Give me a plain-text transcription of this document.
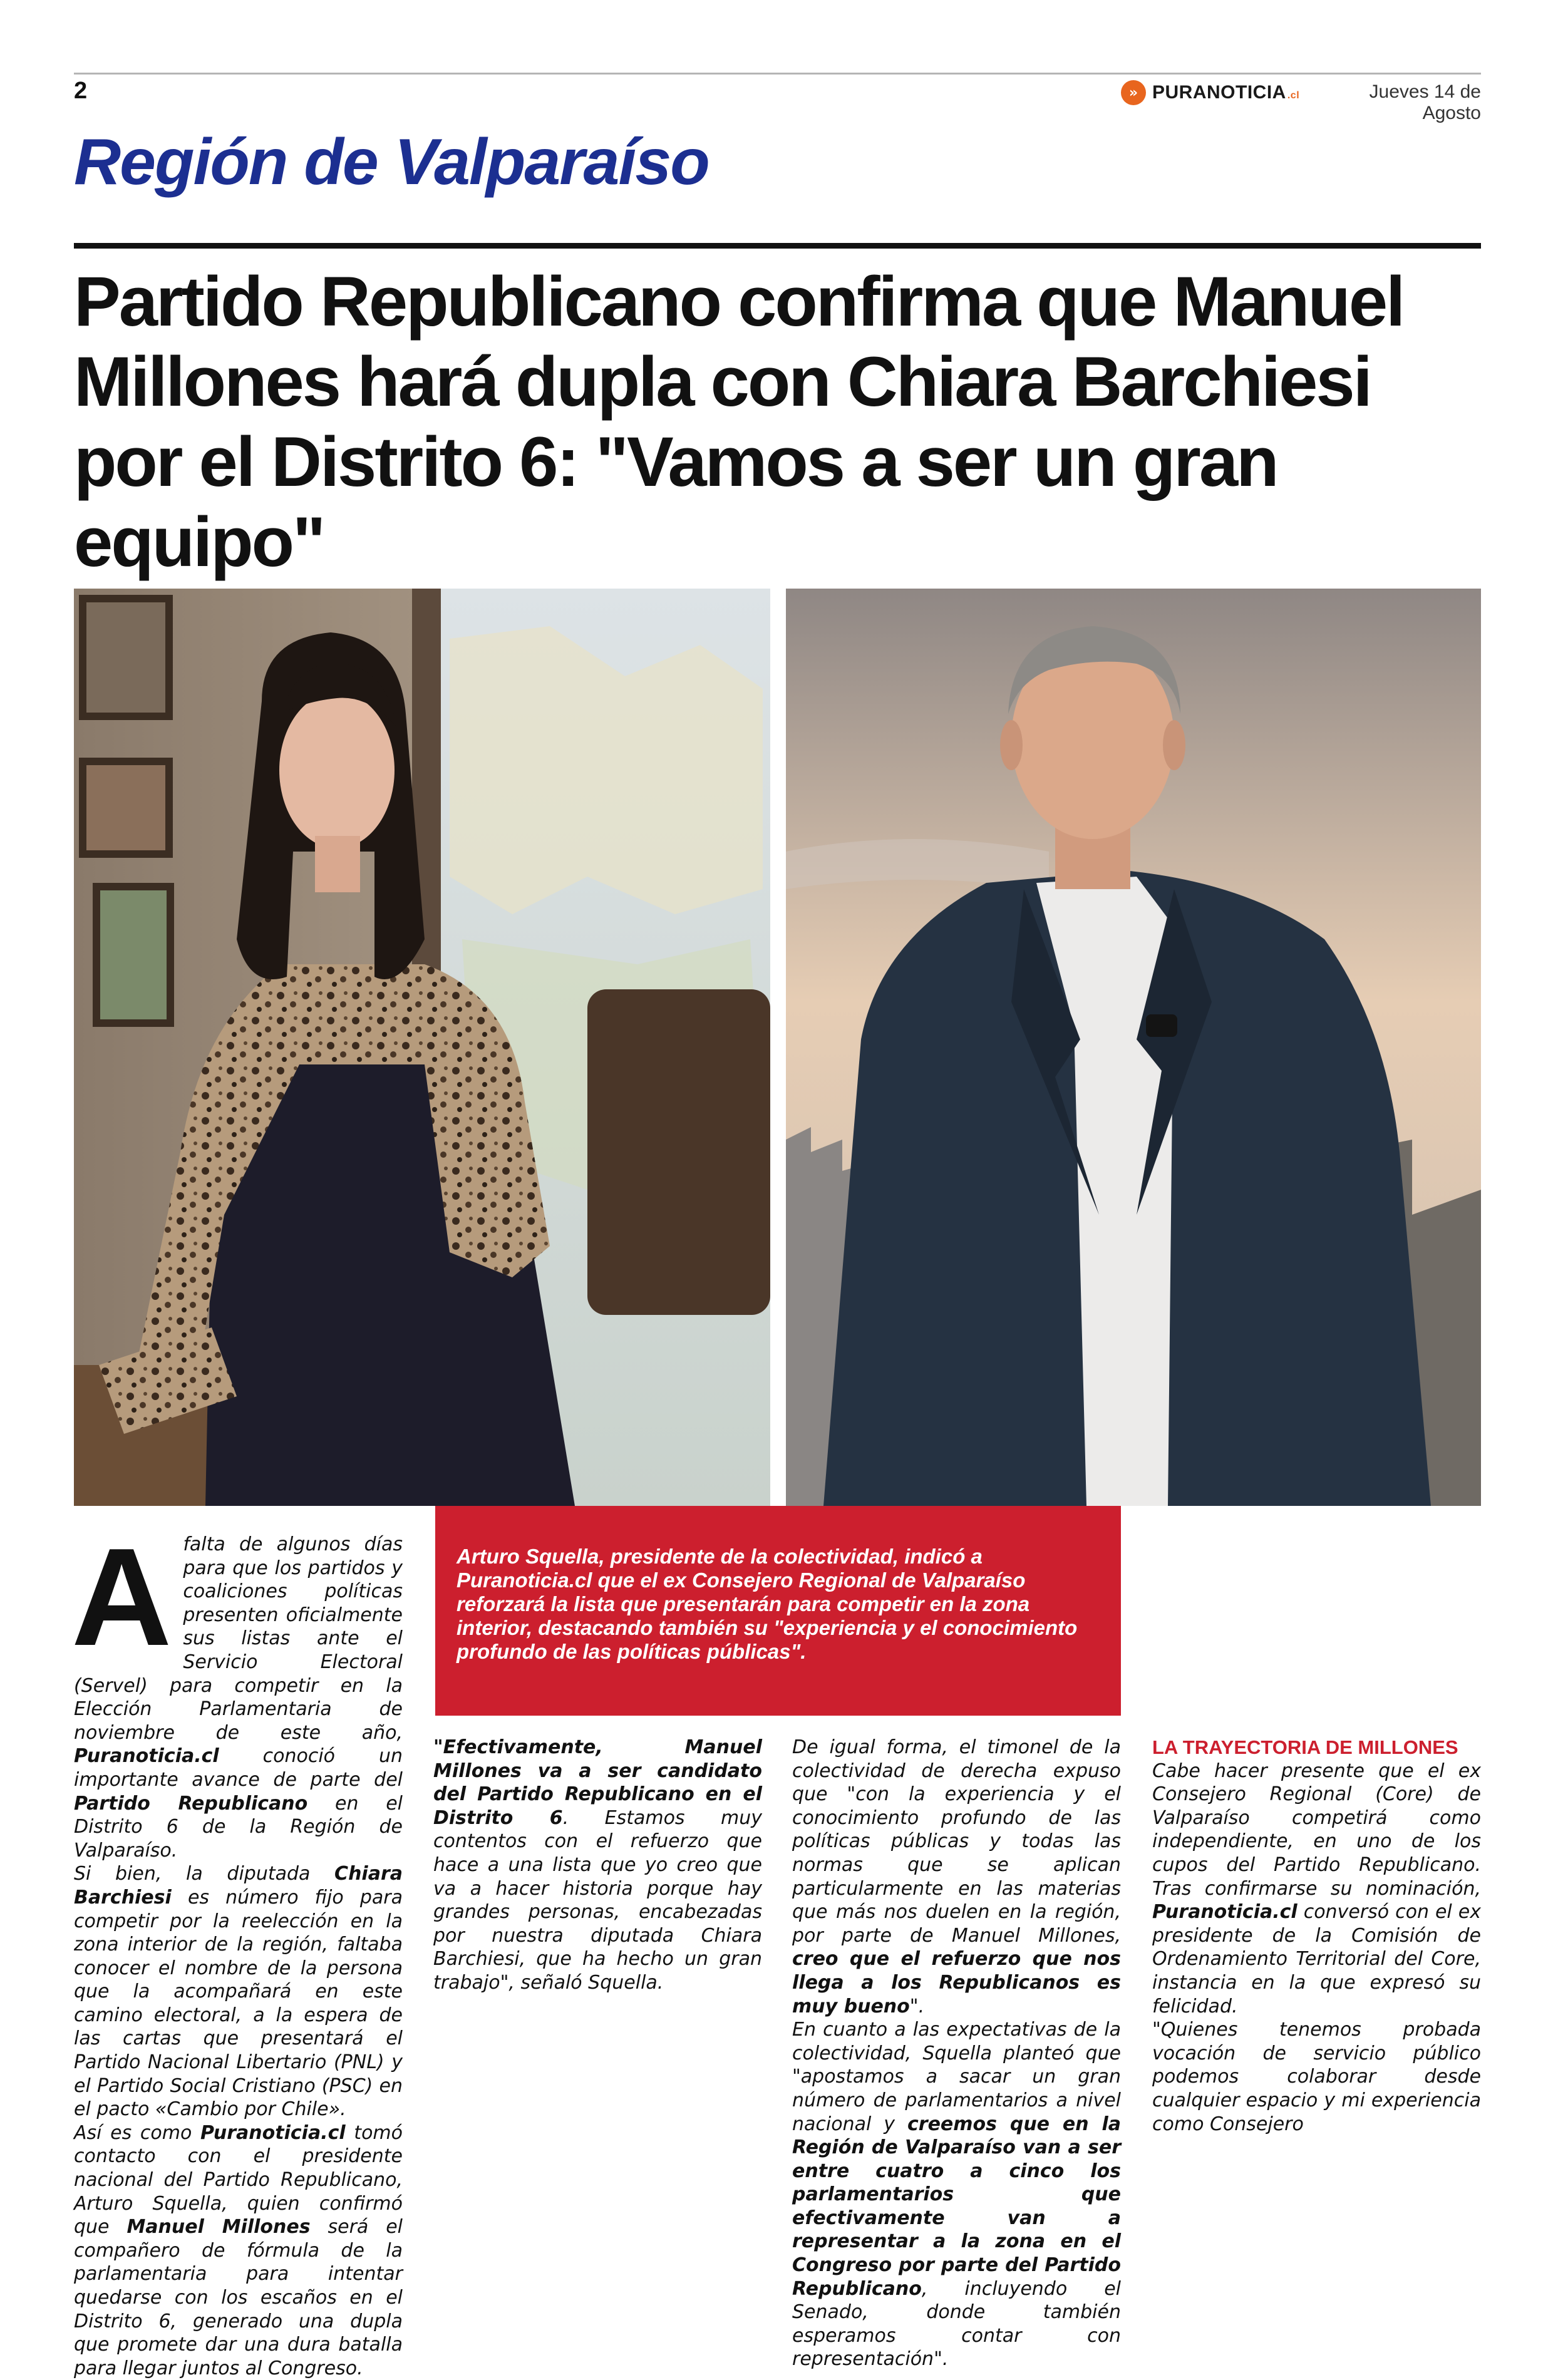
2	» PURANOTICIA .cl	Jueves 14 de Agosto
Región de Valparaíso
Partido Republicano confirma que Manuel Millones hará dupla con Chiara Barchiesi por el Distrito 6: "Vamos a ser un gran equipo"
Arturo Squella, presidente de la colectividad, indicó a Puranoticia.cl que el ex Consejero Regional de Valparaíso reforzará la lista que presentarán para competir en la zona interior, destacando también su "experiencia y el conocimiento profundo de las políticas públicas".
A falta de algunos días para que los partidos y coaliciones políticas presenten oficialmente sus listas ante el Servicio Electoral (Servel) para competir en la Elección Parlamentaria de noviembre de este año, Puranoticia.cl conoció un importante avance de parte del Partido Republicano en el Distrito 6 de la Región de Valparaíso.

Si bien, la diputada Chiara Barchiesi es número fijo para competir por la reelección en la zona interior de la región, faltaba conocer el nombre de la persona que la acompañará en este camino electoral, a la espera de las cartas que presentará el Partido Nacional Libertario (PNL) y el Partido Social Cristiano (PSC) en el pacto «Cambio por Chile».

Así es como Puranoticia.cl tomó contacto con el presidente nacional del Partido Republicano, Arturo Squella, quien confirmó que Manuel Millones será el compañero de fórmula de la parlamentaria para intentar quedarse con los escaños en el Distrito 6, generado una dupla que promete dar una dura batalla para llegar juntos al Congreso.

"Efectivamente, Manuel Millones va a ser candidato del Partido Republicano en el Distrito 6. Estamos muy contentos con el refuerzo que hace a una lista que yo creo que va a hacer historia porque hay grandes personas, encabezadas por nuestra diputada Chiara Barchiesi, que ha hecho un gran trabajo", señaló Squella.

De igual forma, el timonel de la colectividad de derecha expuso que "con la experiencia y el conocimiento profundo de las políticas públicas y todas las normas que se aplican particularmente en las materias que más nos duelen en la región, por parte de Manuel Millones, creo que el refuerzo que nos llega a los Republicanos es muy bueno".

En cuanto a las expectativas de la colectividad, Squella planteó que "apostamos a sacar un gran número de parlamentarios a nivel nacional y creemos que en la Región de Valparaíso van a ser entre cuatro a cinco los parlamentarios que efectivamente van a representar a la zona en el Congreso por parte del Partido Republicano, incluyendo el Senado, donde también esperamos contar con representación".

LA TRAYECTORIA DE MILLONES

Cabe hacer presente que el ex Consejero Regional (Core) de Valparaíso competirá como independiente, en uno de los cupos del Partido Republicano. Tras confirmarse su nominación, Puranoticia.cl conversó con el ex presidente de la Comisión de Ordenamiento Territorial del Core, instancia en la que expresó su felicidad.

"Quienes tenemos probada vocación de servicio público podemos colaborar desde cualquier espacio y mi experiencia como Consejero
